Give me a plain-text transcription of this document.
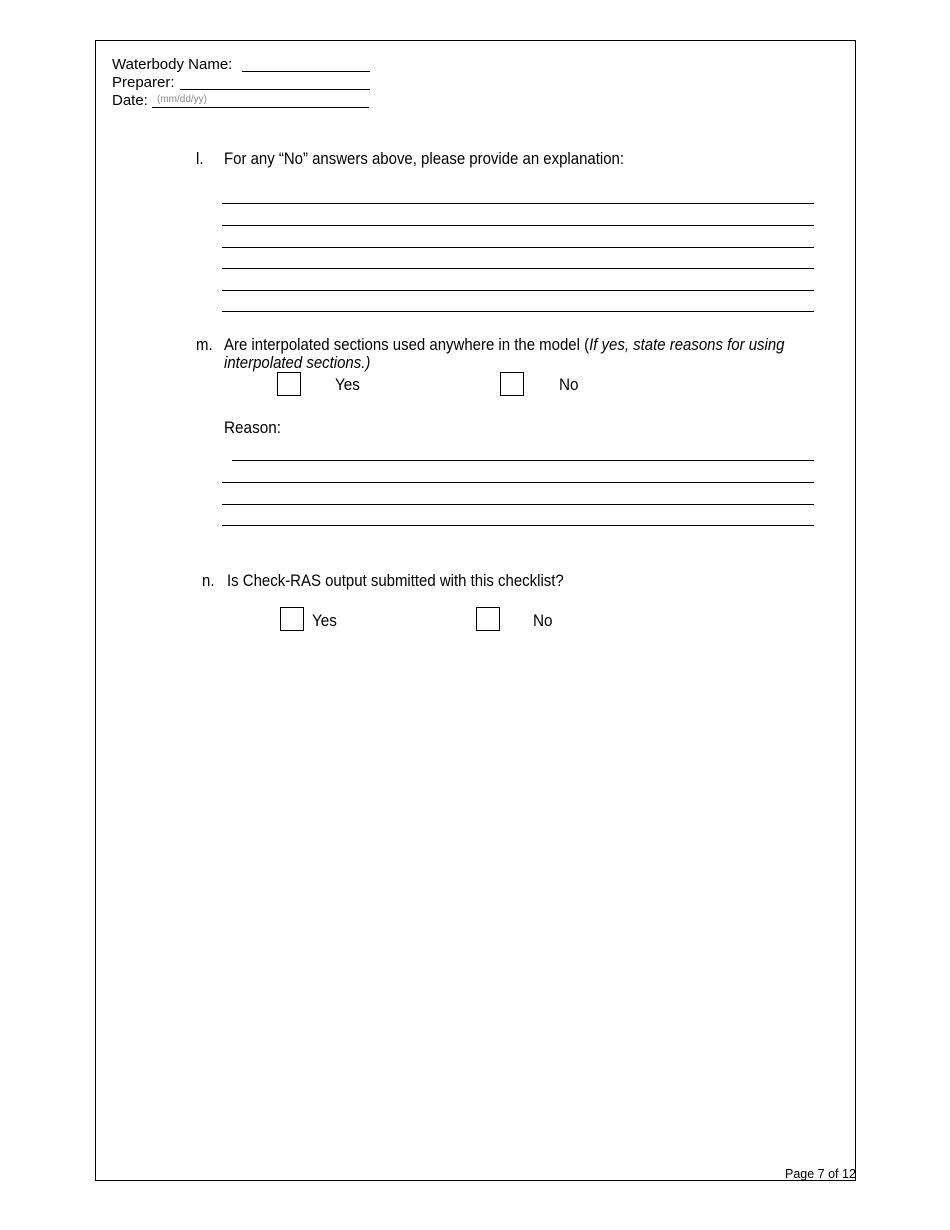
Waterbody Name:
Preparer:
Date: (mm/dd/yy)
l. For any “No” answers above, please provide an explanation:
m. Are interpolated sections used anywhere in the model (If yes, state reasons for using
interpolated sections.)
Yes	No
Reason:
n. Is Check-RAS output submitted with this checklist?
Yes	No
Page 7 of 12
